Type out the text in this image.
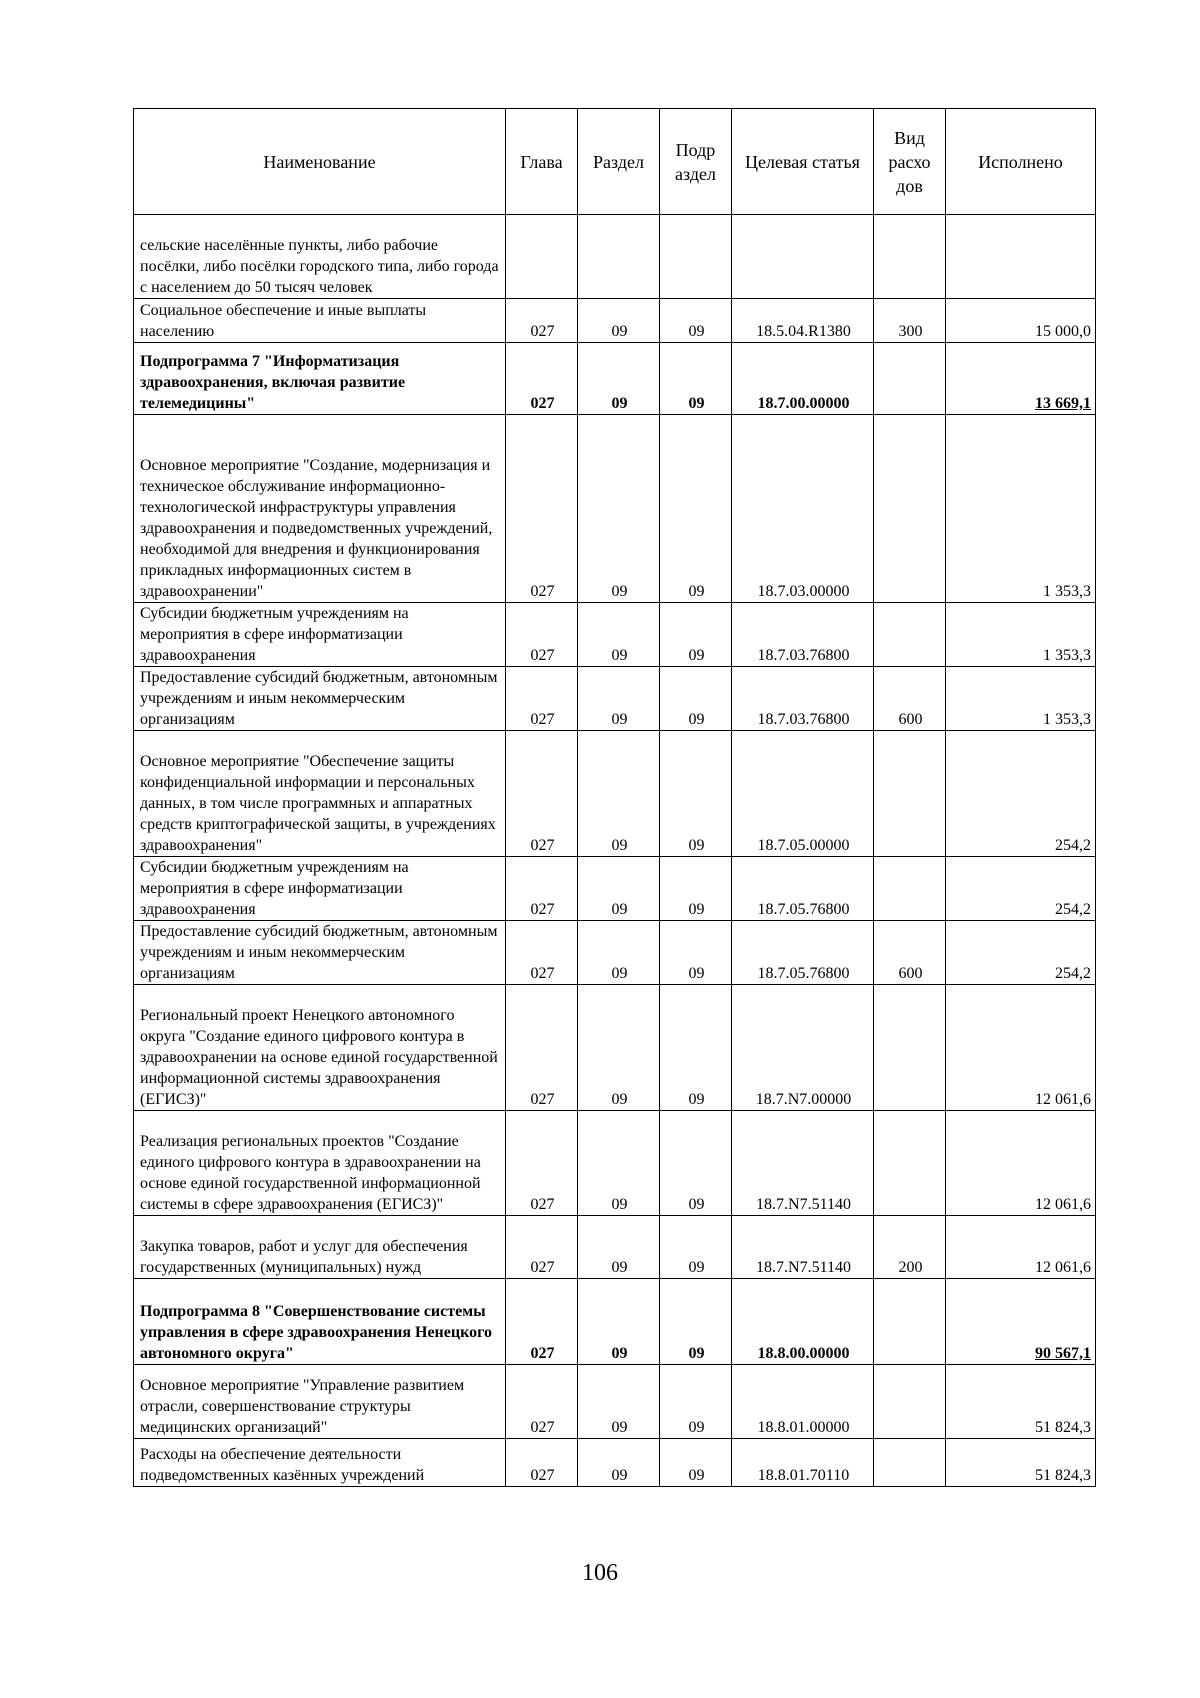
Наименование	Глава	Раздел	Подр аздел	Целевая статья	Вид расхо дов	Исполнено
сельские населённые пункты, либо рабочие посёлки, либо посёлки городского типа, либо города с населением до 50 тысяч человек						
Социальное обеспечение и иные выплаты населению	027	09	09	18.5.04.R1380	300	15 000,0
Подпрограмма 7 "Информатизация здравоохранения, включая развитие телемедицины"	027	09	09	18.7.00.00000		13 669,1
Основное мероприятие "Создание, модернизация и техническое обслуживание информационно-технологической инфраструктуры управления здравоохранения и подведомственных учреждений, необходимой для внедрения и функционирования прикладных информационных систем в здравоохранении"	027	09	09	18.7.03.00000		1 353,3
Субсидии бюджетным учреждениям на мероприятия в сфере информатизации здравоохранения	027	09	09	18.7.03.76800		1 353,3
Предоставление субсидий бюджетным, автономным учреждениям и иным некоммерческим организациям	027	09	09	18.7.03.76800	600	1 353,3
Основное мероприятие "Обеспечение защиты конфиденциальной информации и персональных данных, в том числе программных и аппаратных средств криптографической защиты, в учреждениях здравоохранения"	027	09	09	18.7.05.00000		254,2
Субсидии бюджетным учреждениям на мероприятия в сфере информатизации здравоохранения	027	09	09	18.7.05.76800		254,2
Предоставление субсидий бюджетным, автономным учреждениям и иным некоммерческим организациям	027	09	09	18.7.05.76800	600	254,2
Региональный проект Ненецкого автономного округа "Создание единого цифрового контура в здравоохранении на основе единой государственной информационной системы здравоохранения (ЕГИСЗ)"	027	09	09	18.7.N7.00000		12 061,6
Реализация региональных проектов "Создание единого цифрового контура в здравоохранении на основе единой государственной информационной системы в сфере здравоохранения (ЕГИСЗ)"	027	09	09	18.7.N7.51140		12 061,6
Закупка товаров, работ и услуг для обеспечения государственных (муниципальных) нужд	027	09	09	18.7.N7.51140	200	12 061,6
Подпрограмма 8 "Совершенствование системы управления в сфере здравоохранения Ненецкого автономного округа"	027	09	09	18.8.00.00000		90 567,1
Основное мероприятие "Управление развитием отрасли, совершенствование структуры медицинских организаций"	027	09	09	18.8.01.00000		51 824,3
Расходы на обеспечение деятельности подведомственных казённых учреждений	027	09	09	18.8.01.70110		51 824,3
106
